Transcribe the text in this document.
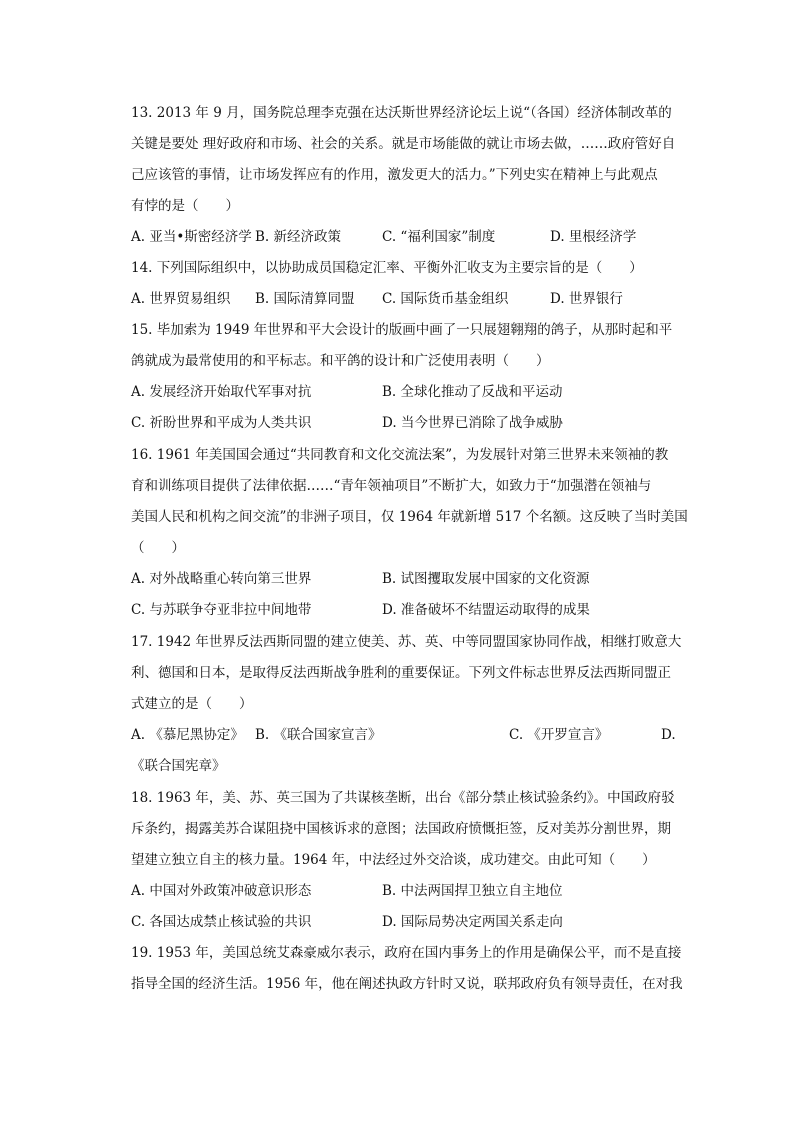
13. 2013 年 9 月，国务院总理李克强在达沃斯世界经济论坛上说“（各国）经济体制改革的
关键是要处 理好政府和市场、社会的关系。就是市场能做的就让市场去做，……政府管好自
己应该管的事情，让市场发挥应有的作用，激发更大的活力。”下列史实在精神上与此观点
有悖的是（　　）
A. 亚当•斯密经济学 B. 新经济政策	C. “福利国家”制度	D. 里根经济学
14. 下列国际组织中，以协助成员国稳定汇率、平衡外汇收支为主要宗旨的是（　　）
A. 世界贸易组织 B. 国际清算同盟 C. 国际货币基金组织	D. 世界银行
15. 毕加索为 1949 年世界和平大会设计的版画中画了一只展翅翱翔的鸽子，从那时起和平
鸽就成为最常使用的和平标志。和平鸽的设计和广泛使用表明（　　）
A. 发展经济开始取代军事对抗	B. 全球化推动了反战和平运动
C. 祈盼世界和平成为人类共识	D. 当今世界已消除了战争威胁
16. 1961 年美国国会通过“共同教育和文化交流法案”，为发展针对第三世界未来领袖的教
育和训练项目提供了法律依据……“青年领袖项目”不断扩大，如致力于“加强潜在领袖与
美国人民和机构之间交流”的非洲子项目，仅 1964 年就新增 517 个名额。这反映了当时美国
（　　）
A. 对外战略重心转向第三世界	B. 试图攫取发展中国家的文化资源
C. 与苏联争夺亚非拉中间地带	D. 准备破坏不结盟运动取得的成果
17. 1942 年世界反法西斯同盟的建立使美、苏、英、中等同盟国家协同作战，相继打败意大
利、德国和日本，是取得反法西斯战争胜利的重要保证。下列文件标志世界反法西斯同盟正
式建立的是（　　）
A. 《慕尼黑协定》 B. 《联合国家宣言》	C. 《开罗宣言》	D.
《联合国宪章》
18. 1963 年，美、苏、英三国为了共谋核垄断，出台《部分禁止核试验条约》。中国政府驳
斥条约，揭露美苏合谋阻挠中国核诉求的意图；法国政府愤慨拒签，反对美苏分割世界，期
望建立独立自主的核力量。1964 年，中法经过外交洽谈，成功建交。由此可知（　　）
A. 中国对外政策冲破意识形态	B. 中法两国捍卫独立自主地位
C. 各国达成禁止核试验的共识	D. 国际局势决定两国关系走向
19. 1953 年，美国总统艾森豪威尔表示，政府在国内事务上的作用是确保公平，而不是直接
指导全国的经济生活。1956 年，他在阐述执政方针时又说，联邦政府负有领导责任，在对我
